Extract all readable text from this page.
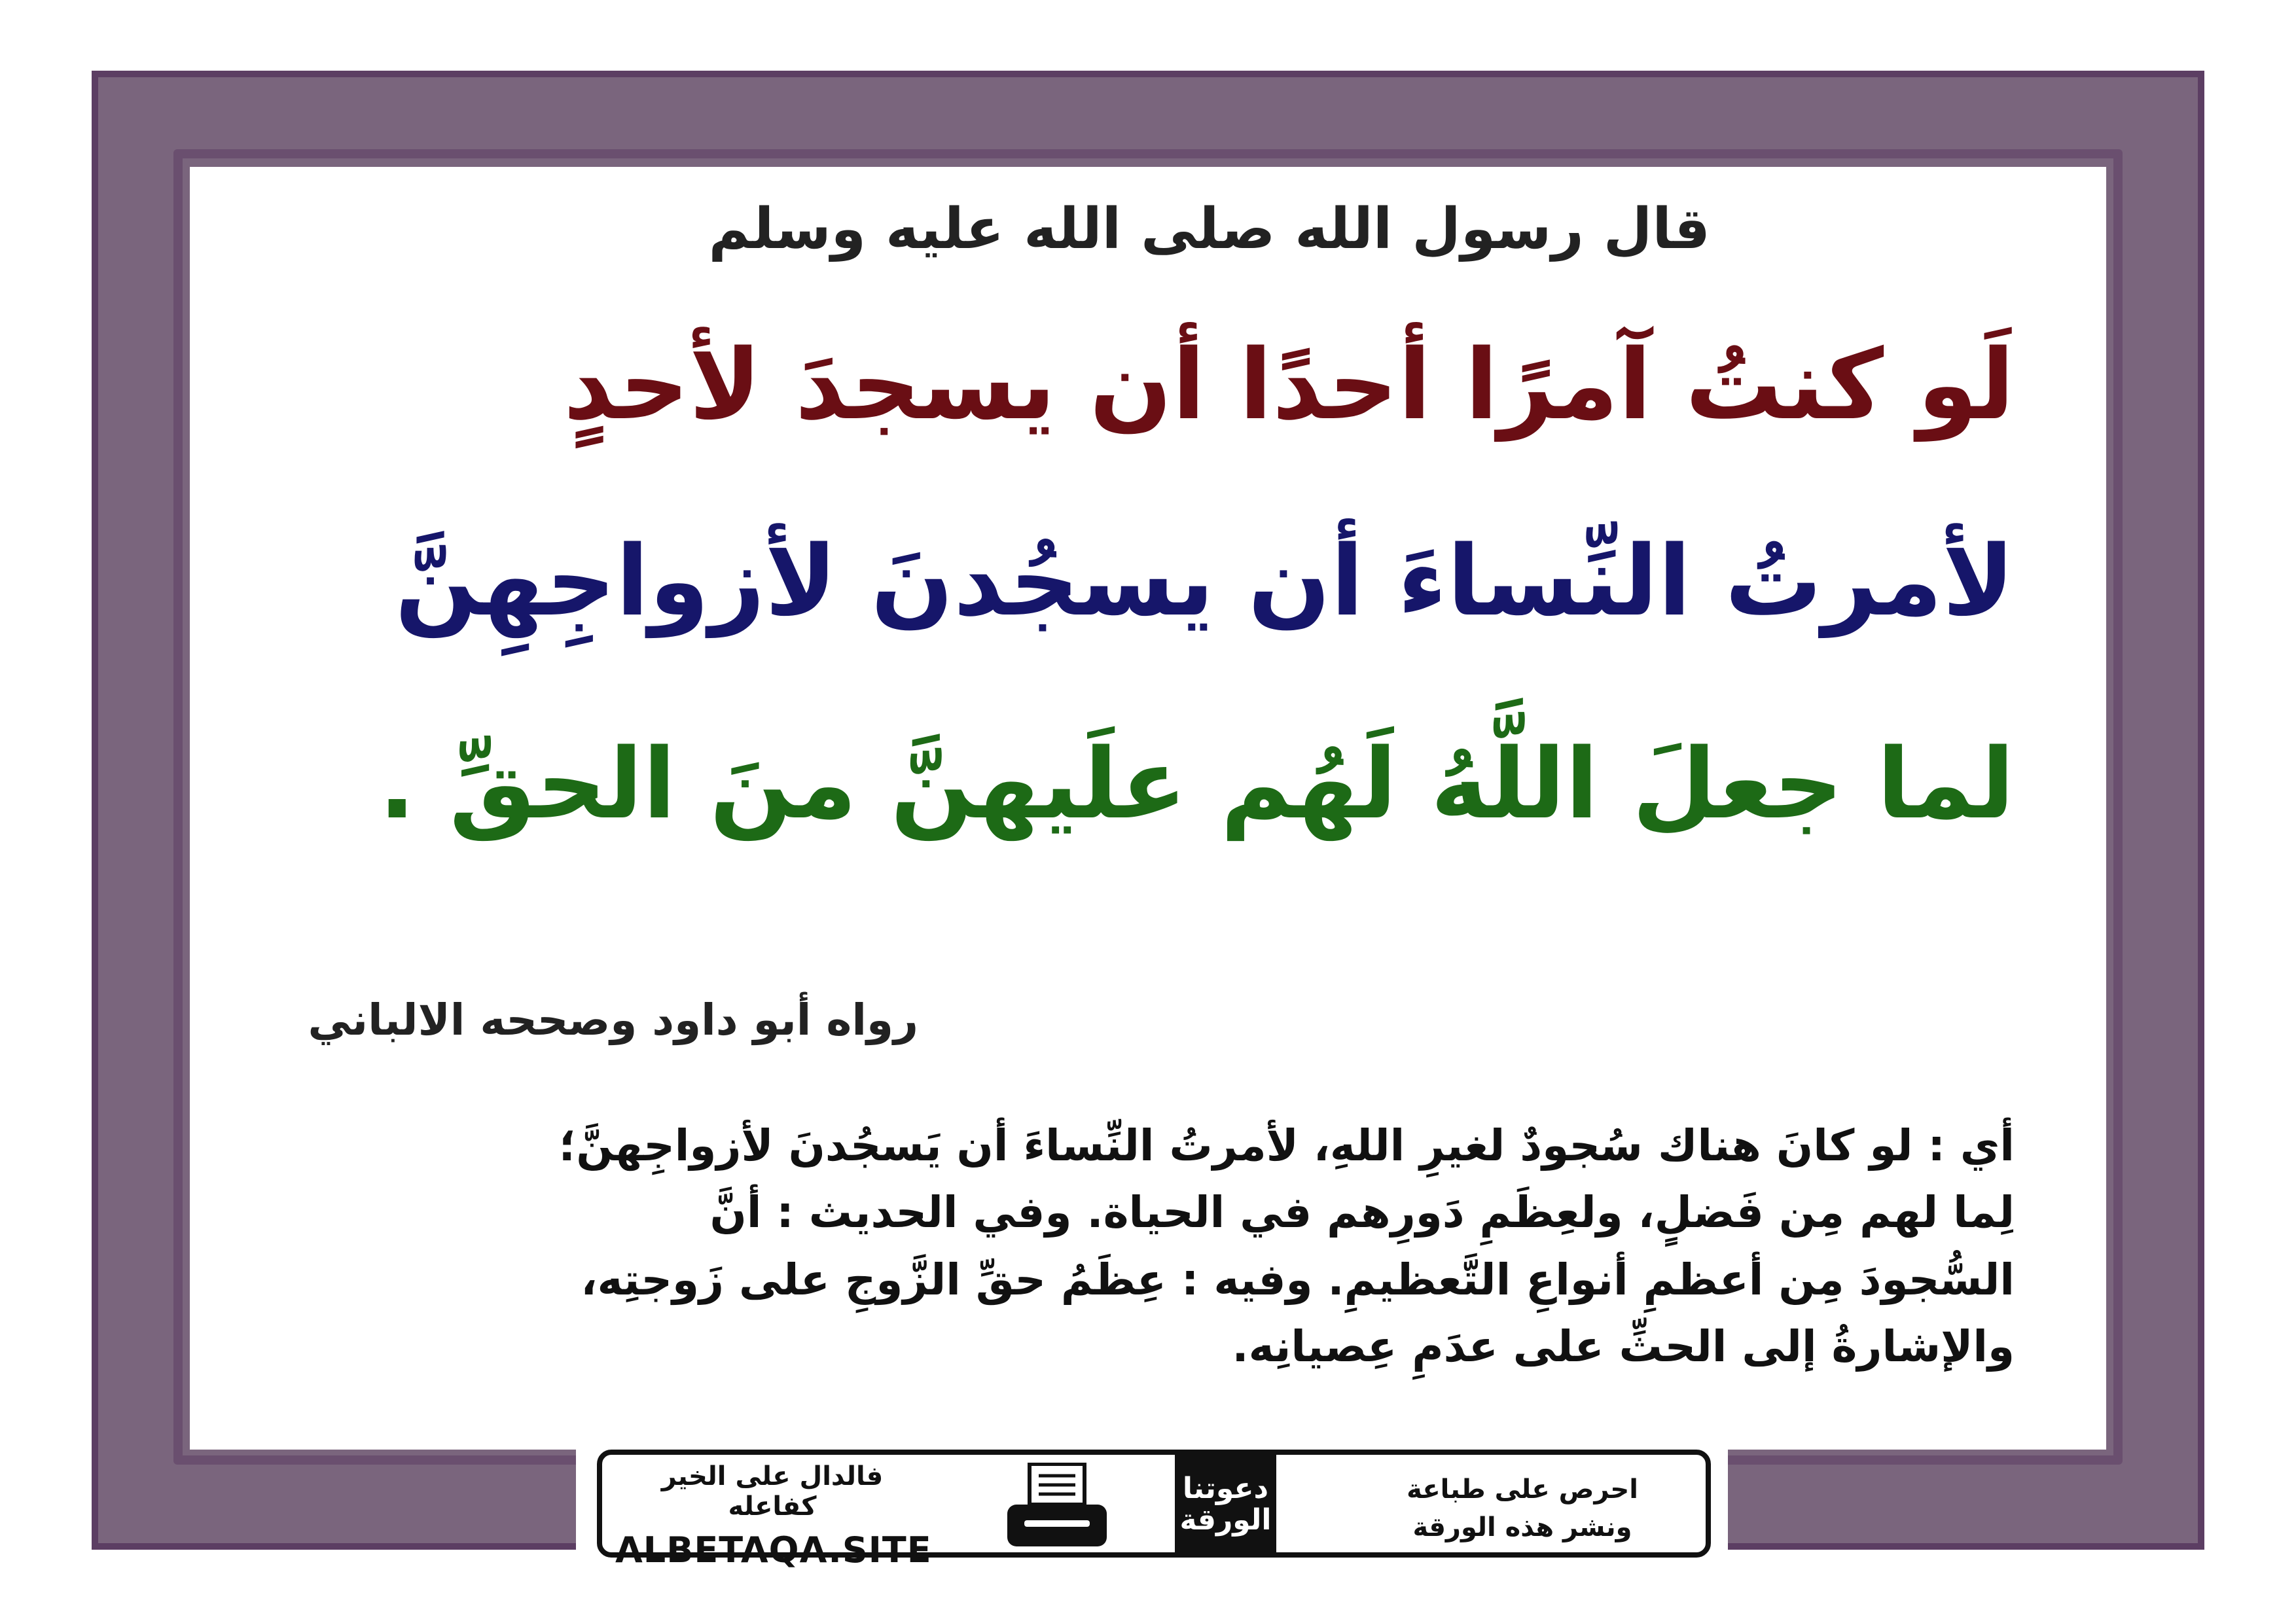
قال رسول الله صلى الله عليه وسلم
لَو كنتُ آمرًا أحدًا أن يسجدَ لأحدٍ
لأمرتُ النِّساءَ أن يسجُدنَ لأزواجِهِنَّ
لما جعلَ اللَّهُ لَهُم علَيهنَّ منَ الحقِّ .
رواه أبو داود وصححه الالباني

أي : لو كانَ هناك سُجودٌ لغيرِ اللهِ، لأمرتُ النِّساءَ أن يَسجُدنَ لأزواجِهنَّ؛

لِما لهم مِن فَضلٍ، ولعِظَمِ دَورِهم في الحياة. وفي الحديث : أنَّ

السُّجودَ مِن أعظمِ أنواعِ التَّعظيمِ. وفيه : عِظَمُ حقِّ الزَّوجِ على زَوجتِه،

والإشارةُ إلى الحثِّ على عدَمِ عِصيانِه.

فالدال على الخير كفاعله
ALBETAQA.SITE
دعوتنا الورقة
احرص على طباعة
ونشر هذه الورقة
